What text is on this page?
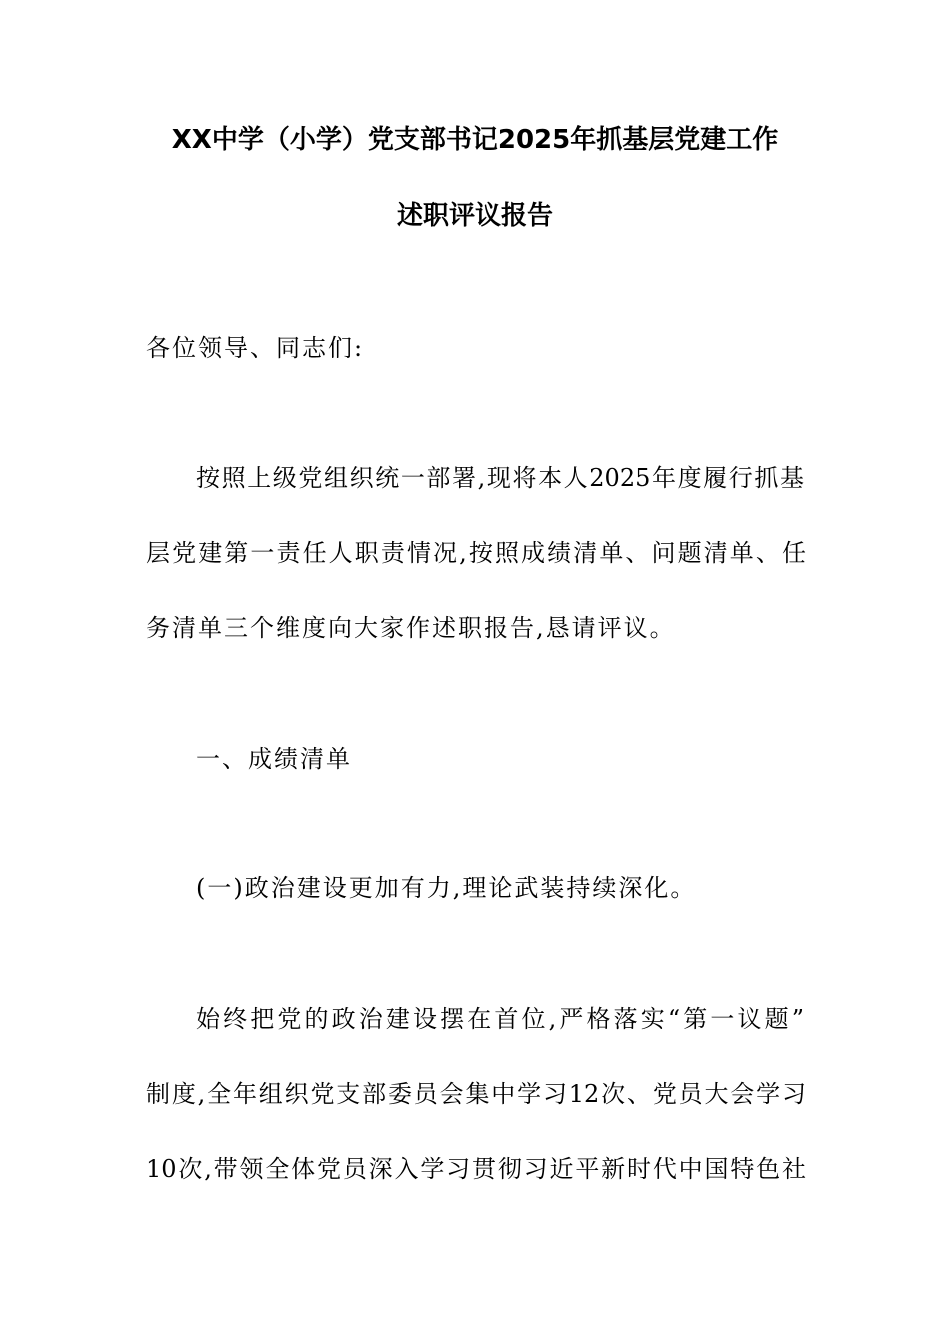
XX中学（小学）党支部书记2025年抓基层党建工作
述职评议报告
各位领导、同志们:
按照上级党组织统一部署,现将本人2025年度履行抓基
层党建第一责任人职责情况,按照成绩清单、问题清单、任
务清单三个维度向大家作述职报告,恳请评议。
一、成绩清单
(一)政治建设更加有力,理论武装持续深化。
始终把党的政治建设摆在首位,严格落实“第一议题”
制度,全年组织党支部委员会集中学习12次、党员大会学习
10次,带领全体党员深入学习贯彻习近平新时代中国特色社
